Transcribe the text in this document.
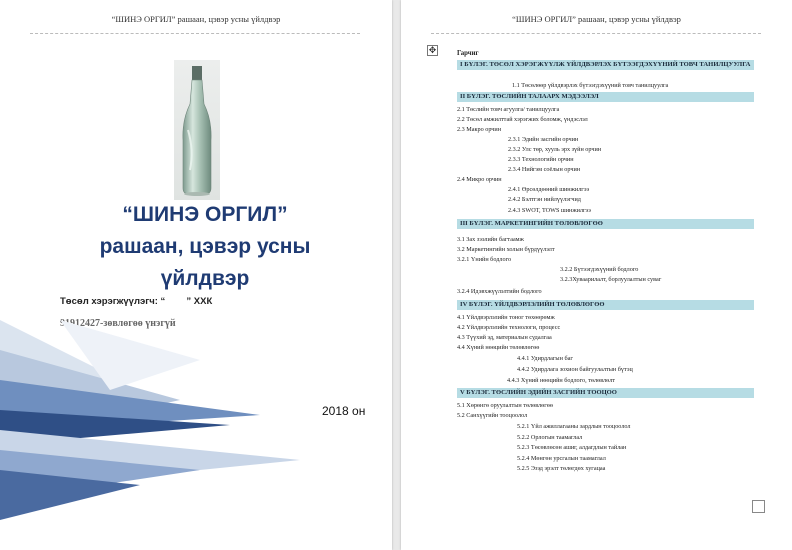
“ШИНЭ ОРГИЛ” рашаан, цэвэр усны үйлдвэр
“ШИНЭ ОРГИЛ”
рашаан, цэвэр усны
үйлдвэр
Төсөл хэрэгжүүлэгч: “        ” ХХК
91912427-зөвлөгөө үнэгүй
2018 он
“ШИНЭ ОРГИЛ” рашаан, цэвэр усны үйлдвэр
✥	Гарчиг
I БҮЛЭГ. ТӨСӨЛ ХЭРЭГЖҮҮЛЖ ҮЙЛДВЭРЛЭХ БҮТЭЭГДЭХҮҮНИЙ ТОВЧ ТАНИЛЦУУЛГА
1.1 Төсөлөөр үйлдвэрлэх бүтээгдэхүүний товч танилцуулга
II БҮЛЭГ. ТӨСЛИЙН ТАЛААРХ МЭДЭЭЛЭЛ
2.1 Төслийн товч агуулга/ танилцуулга
2.2 Төсөл амжилттай хэрэгжих боломж, үндэслэл
2.3 Макро орчин
2.3.1 Эдийн засгийн орчин
2.3.2 Улс төр, хууль эрх зүйн орчин
2.3.3 Технологийн орчин
2.3.4 Нийгэм соёлын орчин
2.4 Микро орчин
2.4.1 Өрсөлдөөний шинжилгээ
2.4.2 Бэлтгэн нийлүүлэгчид
2.4.3 SWOT, TOWS шинжилгээ
III БҮЛЭГ. МАРКЕТИНГИЙН ТӨЛӨВЛӨГӨӨ
3.1 Зах зээлийн багтаамж
3.2 Маркетингийн холын бүрдүүлэлт
3.2.1 Үнийн бодлого
3.2.2 Бүтээгдэхүүний бодлого
3.2.3Хуваарилалт, борлуулалтын суваг
3.2.4 Идэвхжүүлэлтийн бодлого
IV БҮЛЭГ. ҮЙЛДВЭРЛЭЛИЙН ТӨЛӨВЛӨГӨӨ
4.1 Үйлдвэрлэлийн тоног төхөөрөмж
4.2 Үйлдвэрлэлийн технологи, процесс
4.3 Түүхий эд, материалын судалгаа
4.4 Хүний нөөцийн төлөвлөгөө
4.4.1 Удирдлагын баг
4.4.2 Удирдлага зохион байгуулалтын бүтэц
4.4.3 Хүний нөөцийн бодлого, төлөвлөлт
V БҮЛЭГ. ТӨСЛИЙН ЭДИЙН ЗАСГИЙН ТООЦОО
5.1 Хөрөнгө оруулалтын төлөвлөгөө
5.2 Санхүүгийн тооцоолол
5.2.1 Үйл ажиллагааны зардлын тооцоолол
5.2.2 Орлогын таамаглал
5.2.3 Төсөвлөсөн ашиг, алдагдлын тайлан
5.2.4 Мөнгөн урсгалын таамаглал
5.2.5 Эзэд эрэлт төлөгдөх хугацаа
